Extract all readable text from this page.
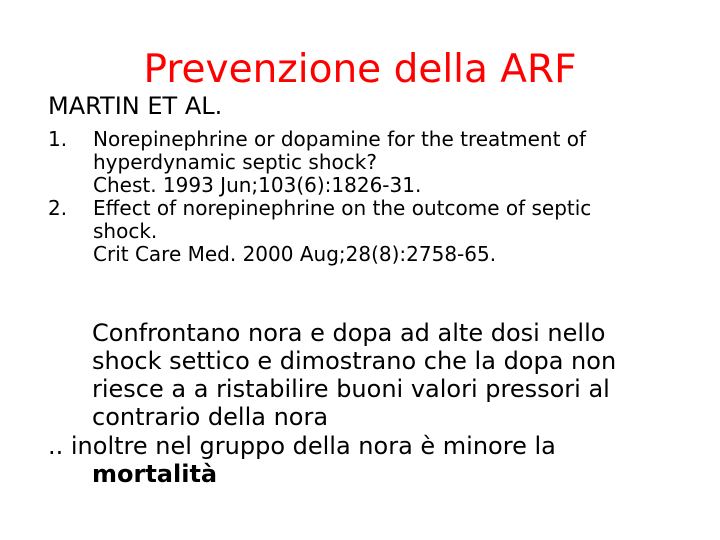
Prevenzione della ARF
MARTIN ET AL.
1. Norepinephrine or dopamine for the treatment of
hyperdynamic septic shock?
Chest. 1993 Jun;103(6):1826-31.
2. Effect of norepinephrine on the outcome of septic
shock.
Crit Care Med. 2000 Aug;28(8):2758-65.
Confrontano nora e dopa ad alte dosi nello
shock settico e dimostrano che la dopa non
riesce a a ristabilire buoni valori pressori al
contrario della nora
.. inoltre nel gruppo della nora è minore la
mortalità
